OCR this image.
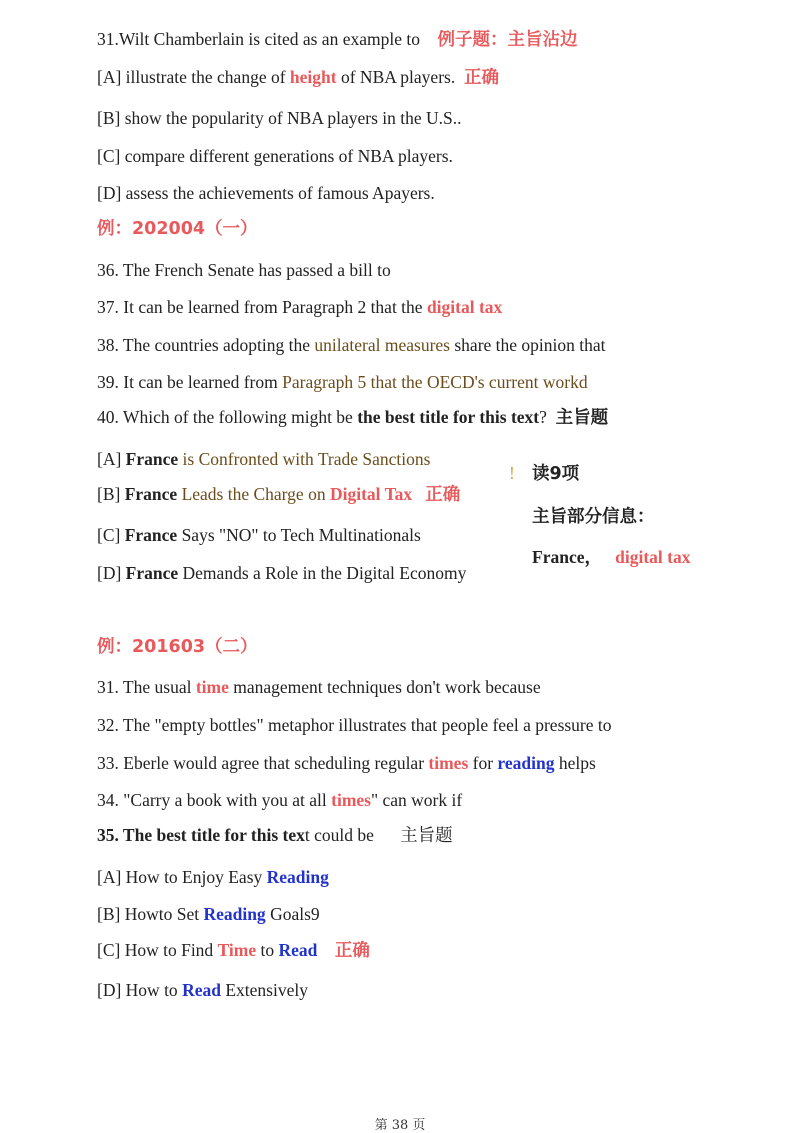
31.Wilt Chamberlain is cited as an example to 例子题：主旨沾边
[A] illustrate the change of height of NBA players. 正确
[B] show the popularity of NBA players in the U.S..
[C] compare different generations of NBA players.
[D] assess the achievements of famous Apayers.
例：202004（一）
36. The French Senate has passed a bill to
37. It can be learned from Paragraph 2 that the digital tax
38. The countries adopting the unilateral measures share the opinion that
39. It can be learned from Paragraph 5 that the OECD's current workd
40. Which of the following might be the best title for this text? 主旨题
[A] France is Confronted with Trade Sanctions
[B] France Leads the Charge on Digital Tax 正确
[C] France Says "NO" to Tech Multinationals
[D] France Demands a Role in the Digital Economy
! 读9项
主旨部分信息：
France， digital tax
例：201603（二）
31. The usual time management techniques don't work because
32. The "empty bottles" metaphor illustrates that people feel a pressure to
33. Eberle would agree that scheduling regular times for reading helps
34. "Carry a book with you at all times" can work if
35. The best title for this text could be 主旨题
[A] How to Enjoy Easy Reading
[B] Howto Set Reading Goals9
[C] How to Find Time to Read 正确
[D] How to Read Extensively
第 38 页
